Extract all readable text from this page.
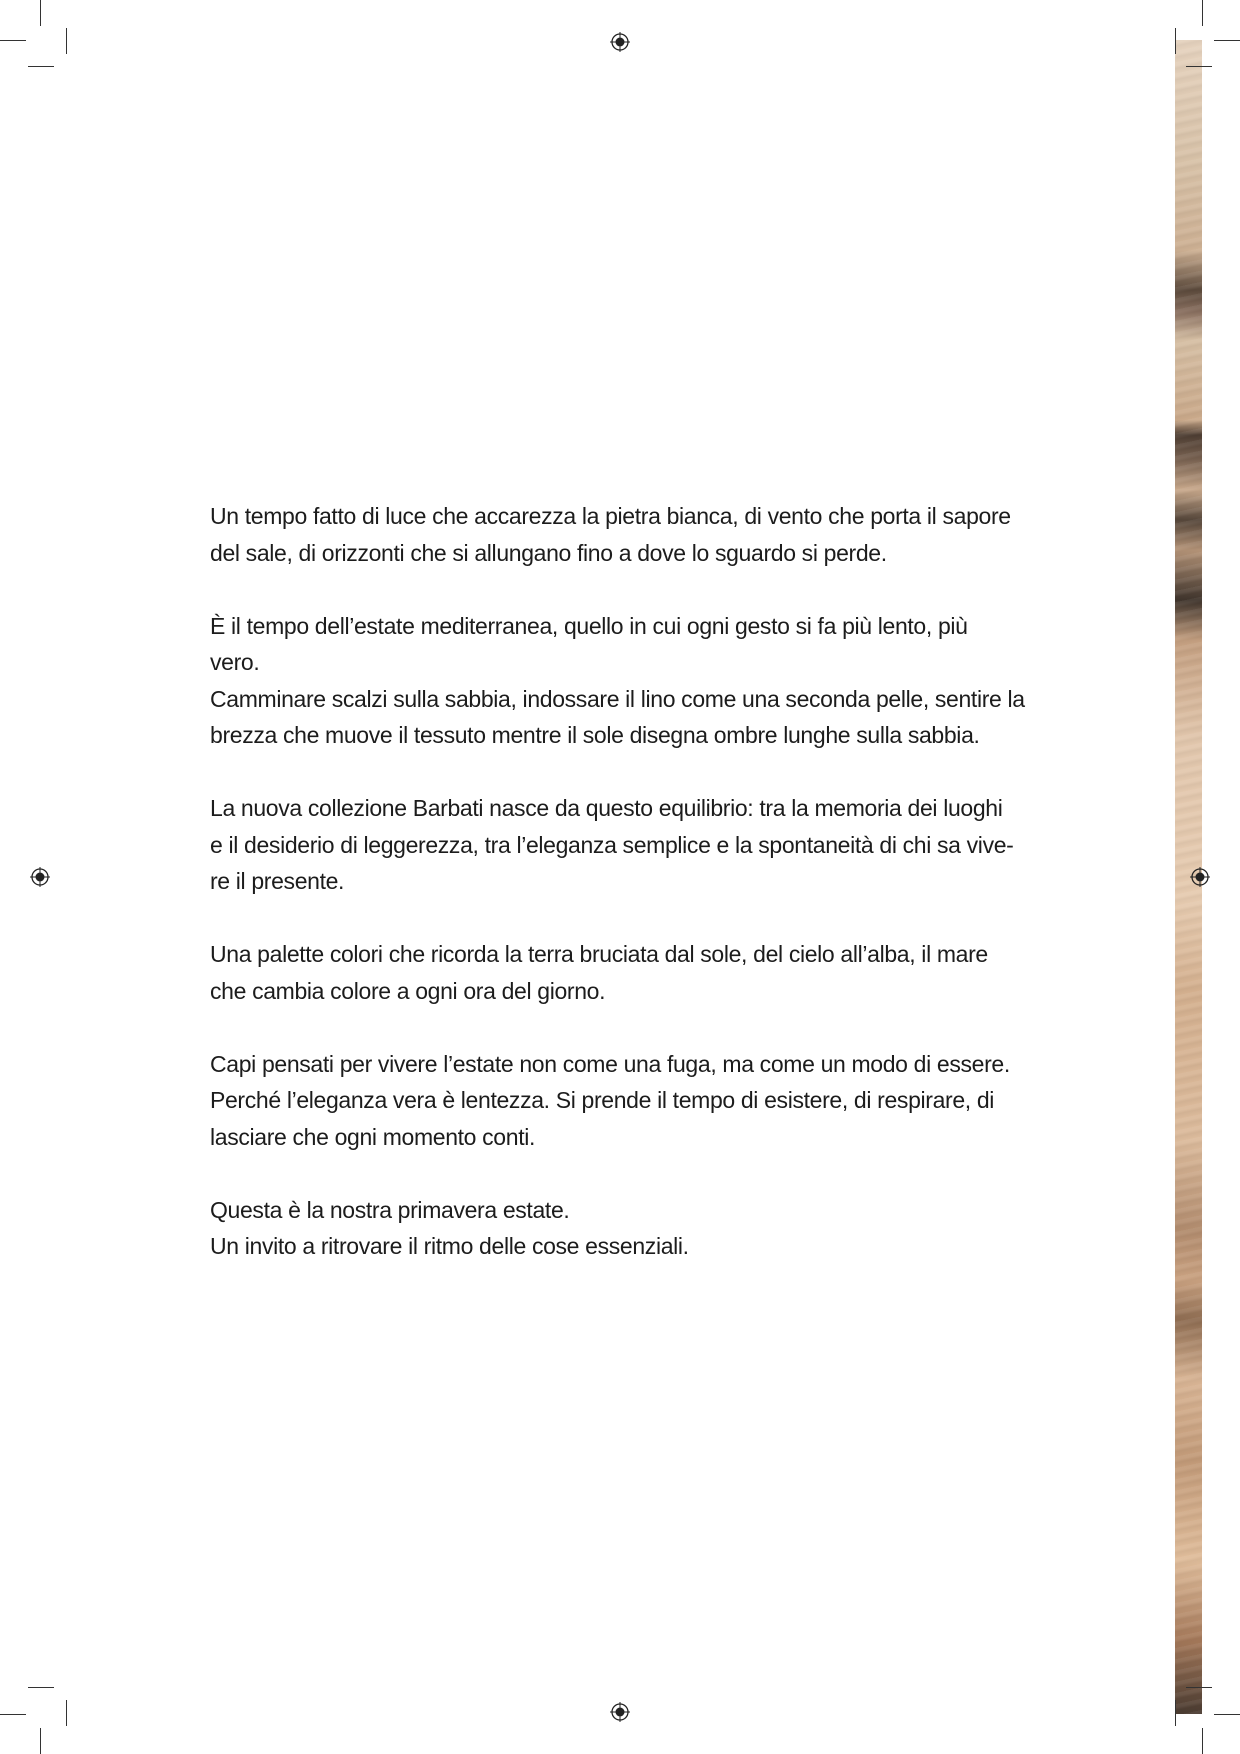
Un tempo fatto di luce che accarezza la pietra bianca, di vento che porta il sapore
del sale, di orizzonti che si allungano fino a dove lo sguardo si perde.

È il tempo dell’estate mediterranea, quello in cui ogni gesto si fa più lento, più
vero.
Camminare scalzi sulla sabbia, indossare il lino come una seconda pelle, sentire la
brezza che muove il tessuto mentre il sole disegna ombre lunghe sulla sabbia.

La nuova collezione Barbati nasce da questo equilibrio: tra la memoria dei luoghi
e il desiderio di leggerezza, tra l’eleganza semplice e la spontaneità di chi sa vive-
re il presente.

Una palette colori che ricorda la terra bruciata dal sole, del cielo all’alba, il mare
che cambia colore a ogni ora del giorno.

Capi pensati per vivere l’estate non come una fuga, ma come un modo di essere.
Perché l’eleganza vera è lentezza. Si prende il tempo di esistere, di respirare, di
lasciare che ogni momento conti.

Questa è la nostra primavera estate.
Un invito a ritrovare il ritmo delle cose essenziali.
